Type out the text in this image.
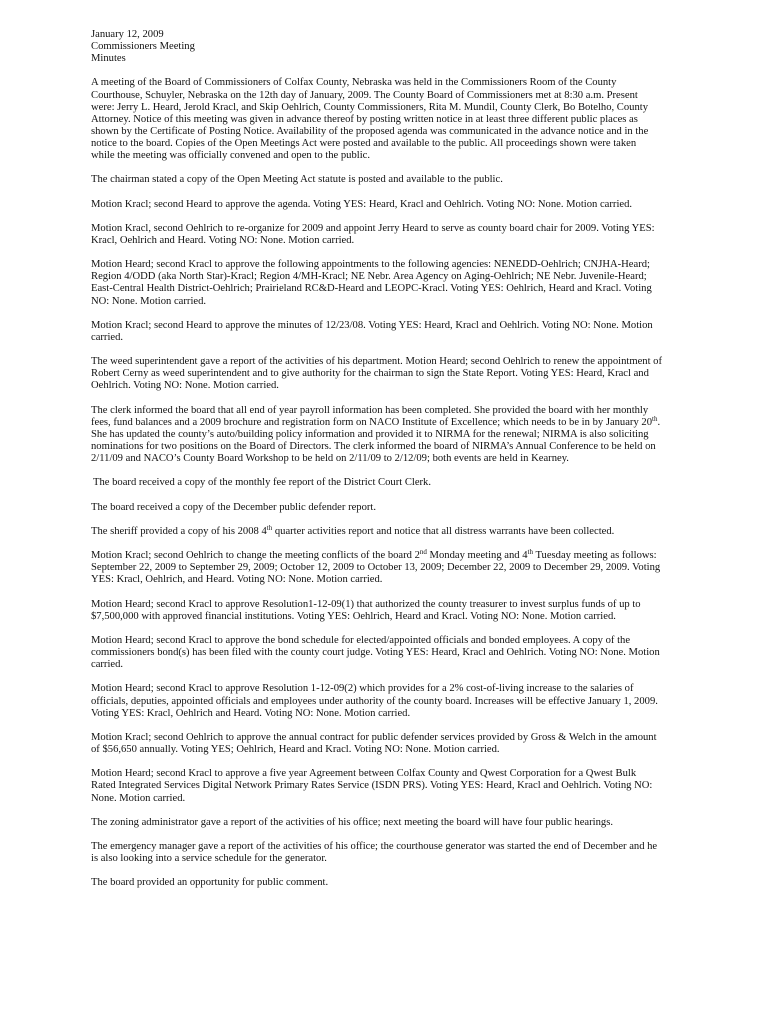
January 12, 2009

Commissioners Meeting

Minutes

A meeting of the Board of Commissioners of Colfax County, Nebraska was held in the Commissioners Room of the County Courthouse, Schuyler, Nebraska on the 12th day of January, 2009. The County Board of Commissioners met at 8:30 a.m. Present were: Jerry L. Heard, Jerold Kracl, and Skip Oehlrich, County Commissioners, Rita M. Mundil, County Clerk, Bo Botelho, County Attorney. Notice of this meeting was given in advance thereof by posting written notice in at least three different public places as shown by the Certificate of Posting Notice. Availability of the proposed agenda was communicated in the advance notice and in the notice to the board. Copies of the Open Meetings Act were posted and available to the public. All proceedings shown were taken while the meeting was officially convened and open to the public.

The chairman stated a copy of the Open Meeting Act statute is posted and available to the public.

Motion Kracl; second Heard to approve the agenda. Voting YES: Heard, Kracl and Oehlrich. Voting NO: None. Motion carried.

Motion Kracl, second Oehlrich to re-organize for 2009 and appoint Jerry Heard to serve as county board chair for 2009. Voting YES: Kracl, Oehlrich and Heard. Voting NO: None. Motion carried.

Motion Heard; second Kracl to approve the following appointments to the following agencies: NENEDD-Oehlrich; CNJHA-Heard; Region 4/ODD (aka North Star)-Kracl; Region 4/MH-Kracl; NE Nebr. Area Agency on Aging-Oehlrich; NE Nebr. Juvenile-Heard; East-Central Health District-Oehlrich; Prairieland RC&D-Heard and LEOPC-Kracl. Voting YES: Oehlrich, Heard and Kracl. Voting NO: None. Motion carried.

Motion Kracl; second Heard to approve the minutes of 12/23/08. Voting YES: Heard, Kracl and Oehlrich. Voting NO: None. Motion carried.

The weed superintendent gave a report of the activities of his department. Motion Heard; second Oehlrich to renew the appointment of Robert Cerny as weed superintendent and to give authority for the chairman to sign the State Report. Voting YES: Heard, Kracl and Oehlrich. Voting NO: None. Motion carried.

The clerk informed the board that all end of year payroll information has been completed. She provided the board with her monthly fees, fund balances and a 2009 brochure and registration form on NACO Institute of Excellence; which needs to be in by January 20th. She has updated the county’s auto/building policy information and provided it to NIRMA for the renewal; NIRMA is also soliciting nominations for two positions on the Board of Directors. The clerk informed the board of NIRMA’s Annual Conference to be held on 2/11/09 and NACO’s County Board Workshop to be held on 2/11/09 to 2/12/09; both events are held in Kearney.

The board received a copy of the monthly fee report of the District Court Clerk.

The board received a copy of the December public defender report.

The sheriff provided a copy of his 2008 4th quarter activities report and notice that all distress warrants have been collected.

Motion Kracl; second Oehlrich to change the meeting conflicts of the board 2nd Monday meeting and 4th Tuesday meeting as follows: September 22, 2009 to September 29, 2009; October 12, 2009 to October 13, 2009; December 22, 2009 to December 29, 2009. Voting YES: Kracl, Oehlrich, and Heard. Voting NO: None. Motion carried.

Motion Heard; second Kracl to approve Resolution1-12-09(1) that authorized the county treasurer to invest surplus funds of up to $7,500,000 with approved financial institutions. Voting YES: Oehlrich, Heard and Kracl. Voting NO: None. Motion carried.

Motion Heard; second Kracl to approve the bond schedule for elected/appointed officials and bonded employees. A copy of the commissioners bond(s) has been filed with the county court judge. Voting YES: Heard, Kracl and Oehlrich. Voting NO: None. Motion carried.

Motion Heard; second Kracl to approve Resolution 1-12-09(2) which provides for a 2% cost-of-living increase to the salaries of officials, deputies, appointed officials and employees under authority of the county board. Increases will be effective January 1, 2009. Voting YES: Kracl, Oehlrich and Heard. Voting NO: None. Motion carried.

Motion Kracl; second Oehlrich to approve the annual contract for public defender services provided by Gross & Welch in the amount of $56,650 annually. Voting YES; Oehlrich, Heard and Kracl. Voting NO: None. Motion carried.

Motion Heard; second Kracl to approve a five year Agreement between Colfax County and Qwest Corporation for a Qwest Bulk Rated Integrated Services Digital Network Primary Rates Service (ISDN PRS). Voting YES: Heard, Kracl and Oehlrich. Voting NO: None. Motion carried.

The zoning administrator gave a report of the activities of his office; next meeting the board will have four public hearings.

The emergency manager gave a report of the activities of his office; the courthouse generator was started the end of December and he is also looking into a service schedule for the generator.

The board provided an opportunity for public comment.
